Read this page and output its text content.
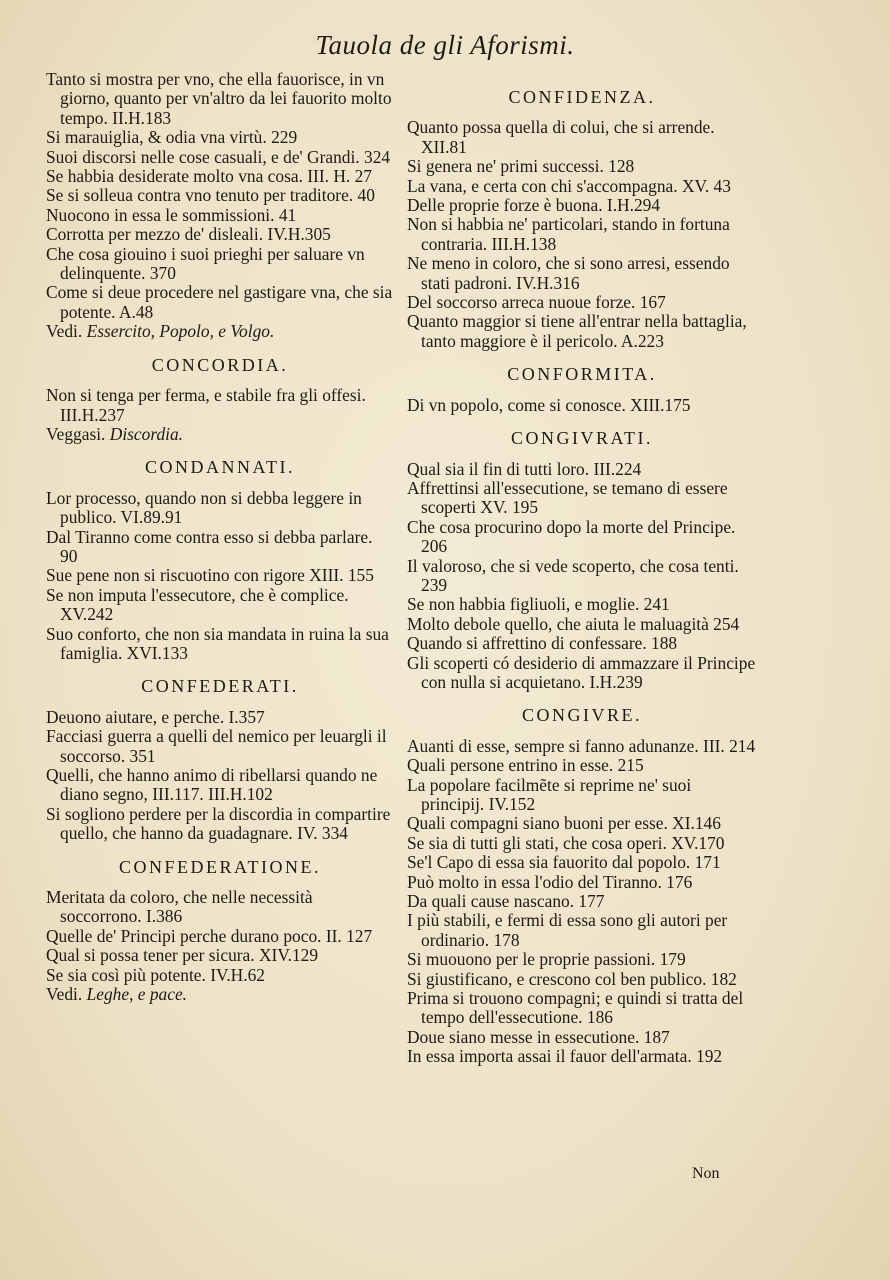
Tauola de gli Aforismi.

Tanto si mostra per vno, che ella fauorisce, in vn giorno, quanto per vn'altro da lei fauorito molto tempo. II.H.183

Si marauiglia, & odia vna virtù. 229

Suoi discorsi nelle cose casuali, e de' Grandi. 324

Se habbia desiderate molto vna cosa. III. H. 27

Se si solleua contra vno tenuto per traditore. 40

Nuocono in essa le sommissioni. 41

Corrotta per mezzo de' disleali. IV.H.305

Che cosa giouino i suoi prieghi per saluare vn delinquente. 370

Come si deue procedere nel gastigare vna, che sia potente. A.48

Vedi. Essercito, Popolo, e Volgo.

CONCORDIA.

Non si tenga per ferma, e stabile fra gli offesi. III.H.237

Veggasi. Discordia.

CONDANNATI.

Lor processo, quando non si debba leggere in publico. VI.89.91

Dal Tiranno come contra esso si debba parlare. 90

Sue pene non si riscuotino con rigore XIII. 155

Se non imputa l'essecutore, che è complice. XV.242

Suo conforto, che non sia mandata in ruina la sua famiglia. XVI.133

CONFEDERATI.

Deuono aiutare, e perche. I.357

Facciasi guerra a quelli del nemico per leuargli il soccorso. 351

Quelli, che hanno animo di ribellarsi quando ne diano segno, III.117. III.H.102

Si sogliono perdere per la discordia in compartire quello, che hanno da guadagnare. IV. 334

CONFEDERATIONE.

Meritata da coloro, che nelle necessità soccorrono. I.386

Quelle de' Principi perche durano poco. II. 127

Qual si possa tener per sicura. XIV.129

Se sia così più potente. IV.H.62

Vedi. Leghe, e pace.

CONFIDENZA.

Quanto possa quella di colui, che si arrende. XII.81

Si genera ne' primi successi. 128

La vana, e certa con chi s'accompagna. XV. 43

Delle proprie forze è buona. I.H.294

Non si habbia ne' particolari, stando in fortuna contraria. III.H.138

Ne meno in coloro, che si sono arresi, essendo stati padroni. IV.H.316

Del soccorso arreca nuoue forze. 167

Quanto maggior si tiene all'entrar nella battaglia, tanto maggiore è il pericolo. A.223

CONFORMITA.

Di vn popolo, come si conosce. XIII.175

CONGIVRATI.

Qual sia il fin di tutti loro. III.224

Affrettinsi all'essecutione, se temano di essere scoperti XV. 195

Che cosa procurino dopo la morte del Principe. 206

Il valoroso, che si vede scoperto, che cosa tenti. 239

Se non habbia figliuoli, e moglie. 241

Molto debole quello, che aiuta le maluagità 254

Quando si affrettino di confessare. 188

Gli scoperti có desiderio di ammazzare il Principe con nulla si acquietano. I.H.239

CONGIVRE.

Auanti di esse, sempre si fanno adunanze. III. 214

Quali persone entrino in esse. 215

La popolare facilmẽte si reprime ne' suoi principij. IV.152

Quali compagni siano buoni per esse. XI.146

Se sia di tutti gli stati, che cosa operi. XV.170

Se'l Capo di essa sia fauorito dal popolo. 171

Può molto in essa l'odio del Tiranno. 176

Da quali cause nascano. 177

I più stabili, e fermi di essa sono gli autori per ordinario. 178

Si muouono per le proprie passioni. 179

Si giustificano, e crescono col ben publico. 182

Prima si trouono compagni; e quindi si tratta del tempo dell'essecutione. 186

Doue siano messe in essecutione. 187

In essa importa assai il fauor dell'armata. 192

Non
